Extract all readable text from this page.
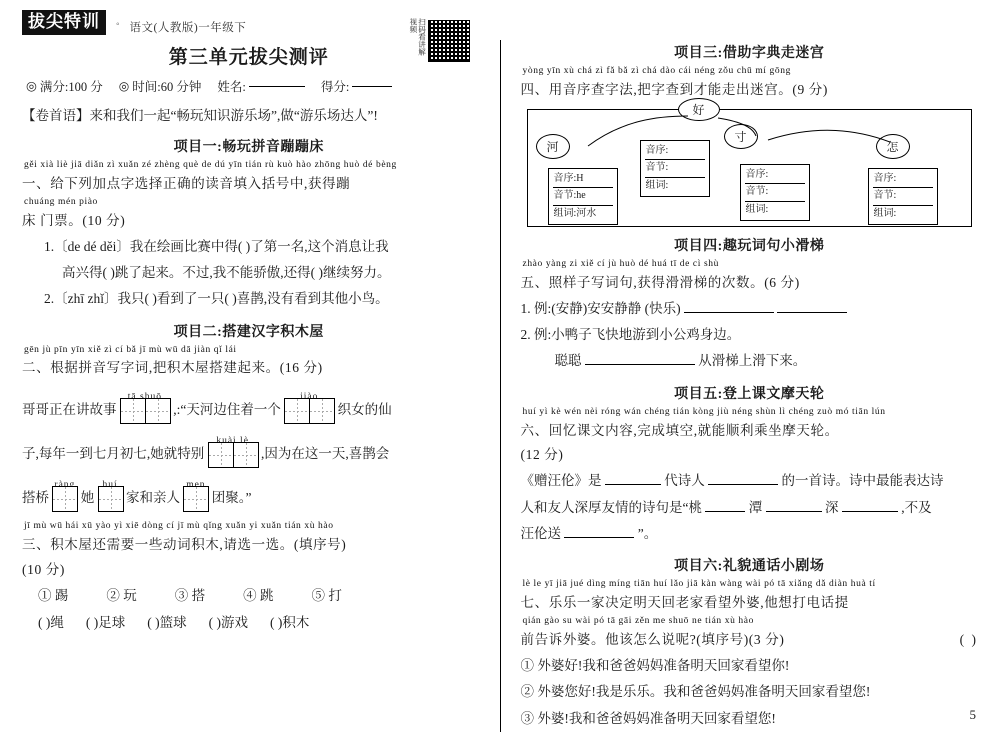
拔尖特训	◦ 语文(人教版)一年级下	扫码看讲解视频
第三单元拔尖测评
◎ 满分:100 分 ◎ 时间:60 分钟 姓名:	得分:
【卷首语】来和我们一起“畅玩知识游乐场”,做“游乐场达人”!
项目一:畅玩拼音蹦蹦床
gěi xià liè jiā diǎn zì xuǎn zé zhèng què de dú yīn tián rù kuò hào zhōng huò dé bèng
一、给下列加点字选择正确的读音填入括号中,获得蹦
chuáng mén piào
床 门票。(10 分)
1.〔de dé děi〕我在绘画比赛中得( )了第一名,这个消息让我
高兴得( )跳了起来。不过,我不能骄傲,还得( )继续努力。
2.〔zhī zhǐ〕我只( )看到了一只( )喜鹊,没有看到其他小鸟。
项目二:搭建汉字积木屋
gēn jù pīn yīn xiě zì cí bǎ jī mù wū dā jiàn qǐ lái
二、根据拼音写字词,把积木屋搭建起来。(16 分)
哥哥正在讲故事	,:“天河边住着一个	织女的仙
子,每年一到七月初七,她就特别	,因为在这一天,喜鹊会
搭桥 她 家和亲人 团聚。”
jī mù wū hái xū yào yì xiē dòng cí jī mù qǐng xuǎn yi xuǎn tián xù hào
三、积木屋还需要一些动词积木,请选一选。(填序号)
(10 分)
① 踢	② 玩	③ 搭	④ 跳	⑤ 打
( )绳 ( )足球 ( )篮球 ( )游戏 ( )积木
项目三:借助字典走迷宫
yòng yīn xù chá zì fǎ bǎ zì chá dào cái néng zǒu chū mí gōng
四、用音序查字法,把字查到才能走出迷宫。(9 分)
好
河
寸
怎
音序:H
音节:he
组词:河水
音序:
音节:
组词:
音序:
音节:
组词:
音序:
音节:
组词:
项目四:趣玩词句小滑梯
zhào yàng zi xiě cí jù huò dé huá tī de cì shù
五、照样子写词句,获得滑滑梯的次数。(6 分)
1. 例:(安静)安安静静 (快乐)
2. 例:小鸭子飞快地游到小公鸡身边。
聪聪	从滑梯上滑下来。
项目五:登上课文摩天轮
huí yì kè wén nèi róng wán chéng tián kòng jiù néng shùn lì chéng zuò mó tiān lún
六、回忆课文内容,完成填空,就能顺利乘坐摩天轮。
(12 分)
《赠汪伦》是	代诗人	的一首诗。诗中最能表达诗
人和友人深厚友情的诗句是“桃	潭	深	,不及
汪伦送	”。
项目六:礼貌通话小剧场
lè le yī jiā jué dìng míng tiān huí lǎo jiā kàn wàng wài pó tā xiǎng dǎ diàn huà tí
七、乐乐一家决定明天回老家看望外婆,他想打电话提
qián gào su wài pó tā gāi zěn me shuō ne tián xù hào
前告诉外婆。他该怎么说呢?(填序号)(3 分)	( )
① 外婆好!我和爸爸妈妈准备明天回家看望你!
② 外婆您好!我是乐乐。我和爸爸妈妈准备明天回家看望您!
③ 外婆!我和爸爸妈妈准备明天回家看望您!	5
